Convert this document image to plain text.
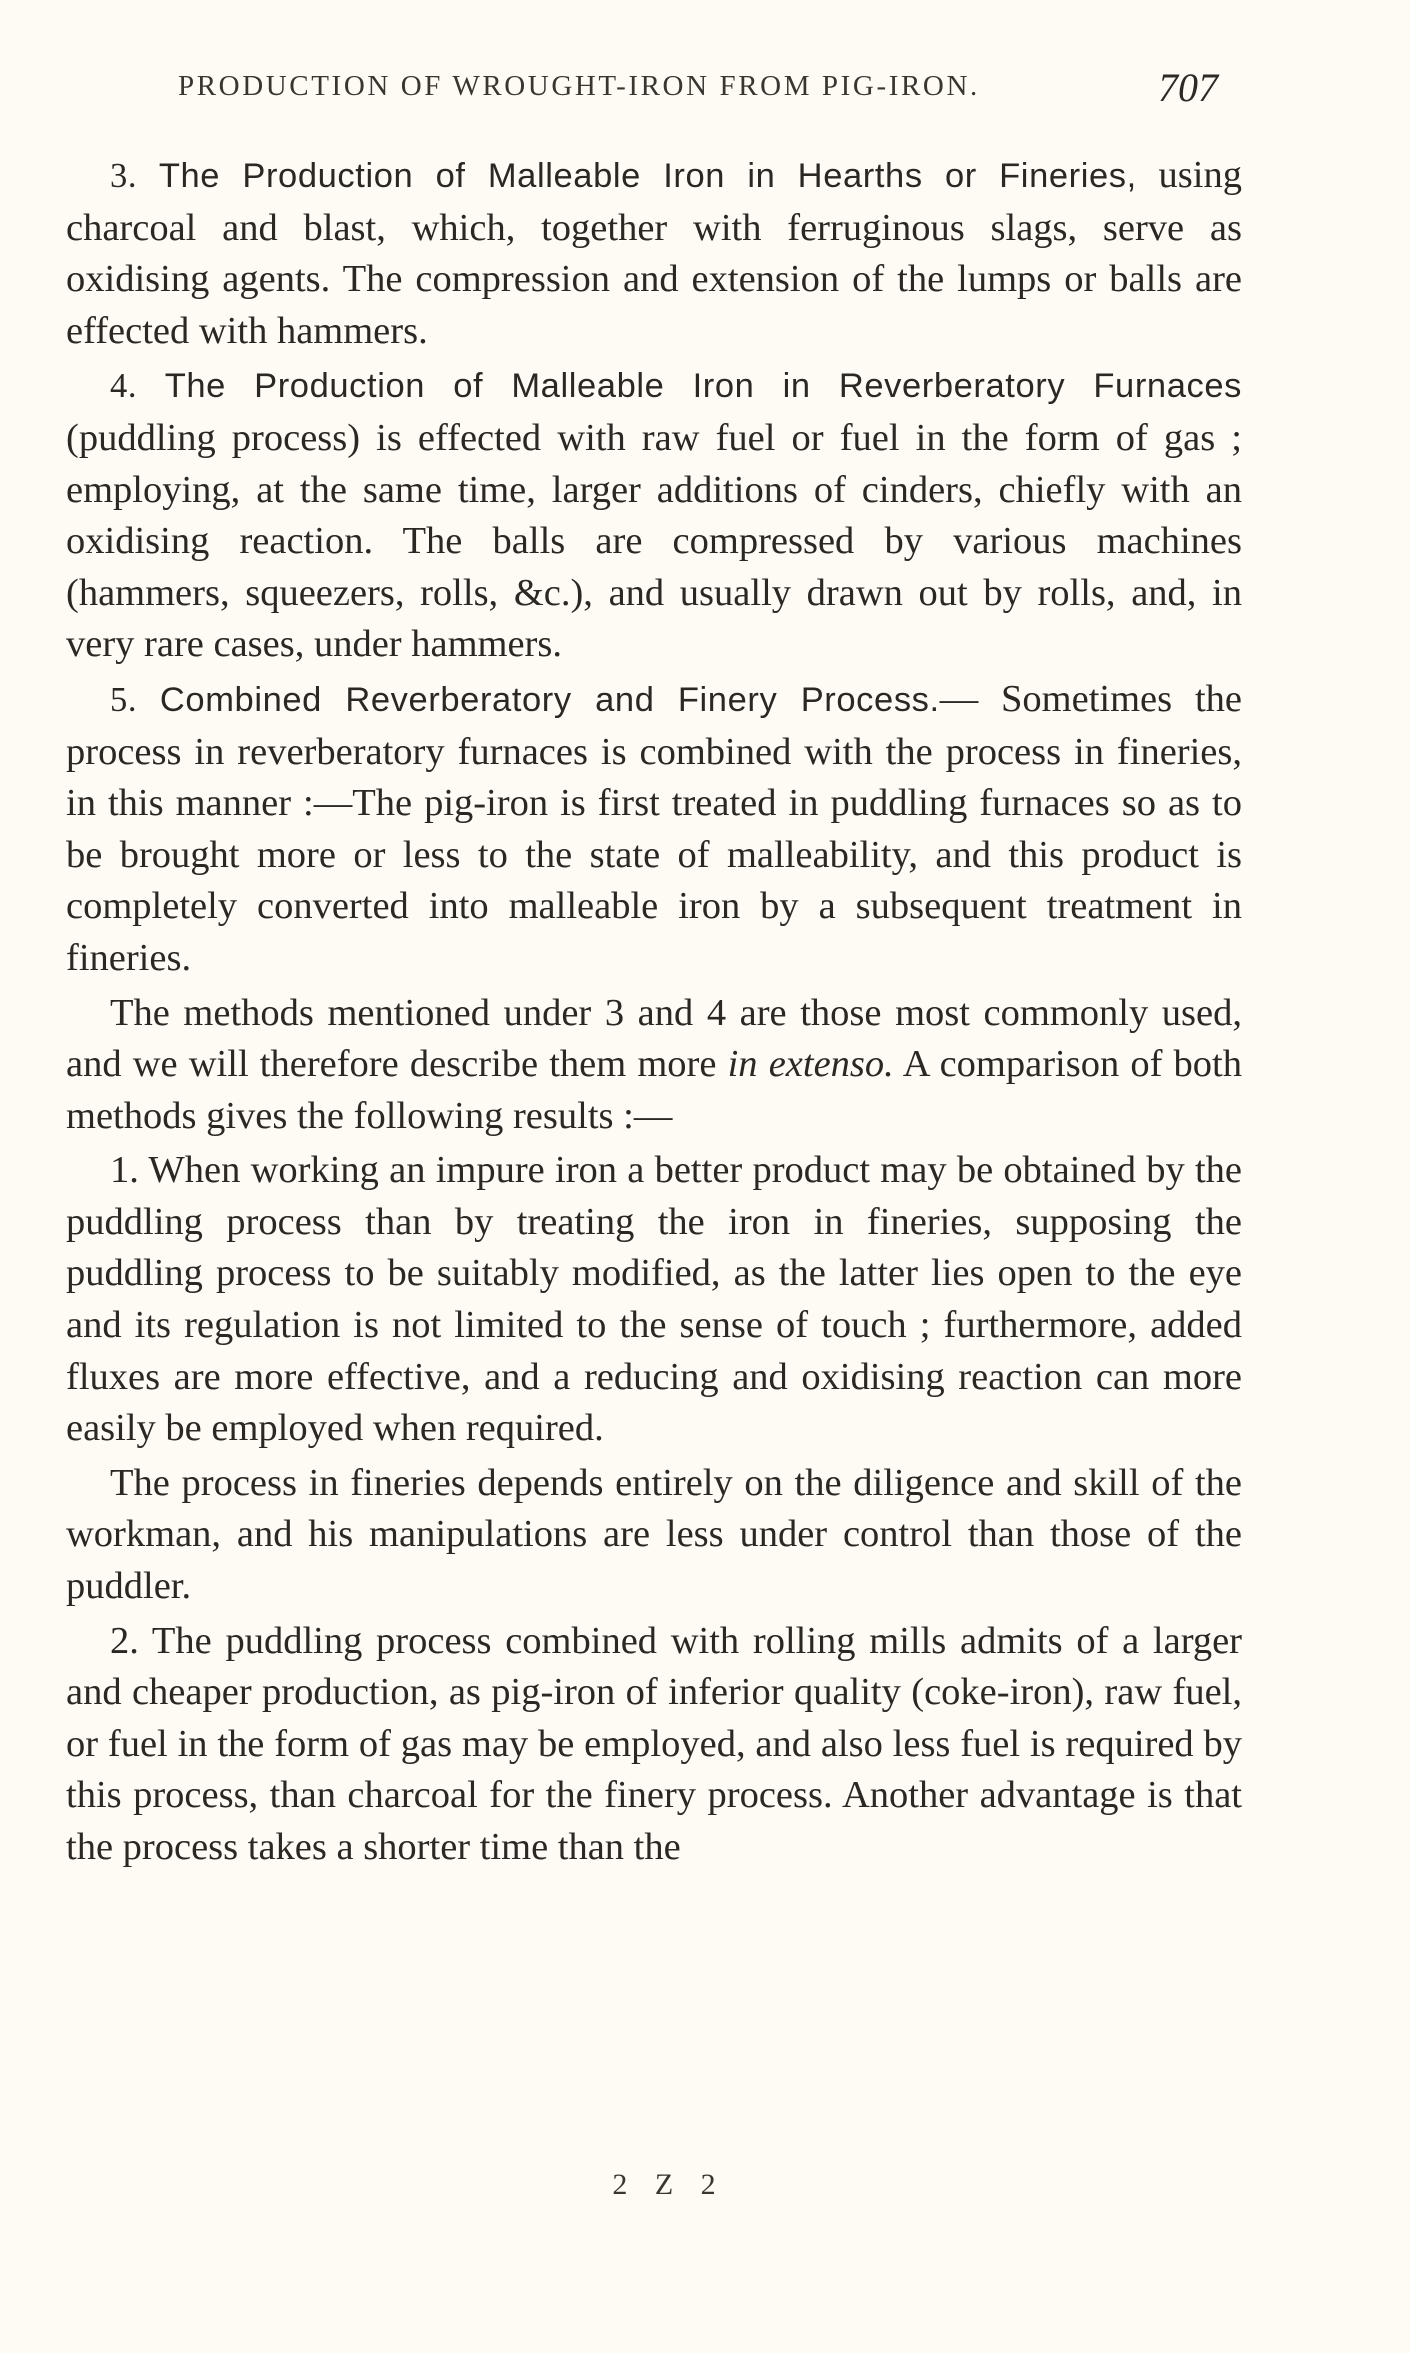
PRODUCTION OF WROUGHT-IRON FROM PIG-IRON.	707

3. The Production of Malleable Iron in Hearths or Fineries, using charcoal and blast, which, together with ferruginous slags, serve as oxidising agents. The compression and extension of the lumps or balls are effected with hammers.

4. The Production of Malleable Iron in Reverberatory Furnaces (puddling process) is effected with raw fuel or fuel in the form of gas ; employing, at the same time, larger additions of cinders, chiefly with an oxidising reaction. The balls are compressed by various machines (hammers, squeezers, rolls, &c.), and usually drawn out by rolls, and, in very rare cases, under hammers.

5. Combined Reverberatory and Finery Process.— Sometimes the process in reverberatory furnaces is combined with the process in fineries, in this manner :—The pig-iron is first treated in puddling furnaces so as to be brought more or less to the state of malleability, and this product is completely converted into malleable iron by a subsequent treatment in fineries.

The methods mentioned under 3 and 4 are those most commonly used, and we will therefore describe them more in extenso. A comparison of both methods gives the following results :—

1. When working an impure iron a better product may be obtained by the puddling process than by treating the iron in fineries, supposing the puddling process to be suitably modified, as the latter lies open to the eye and its regulation is not limited to the sense of touch ; furthermore, added fluxes are more effective, and a reducing and oxidising reaction can more easily be employed when required.

The process in fineries depends entirely on the diligence and skill of the workman, and his manipulations are less under control than those of the puddler.

2. The puddling process combined with rolling mills admits of a larger and cheaper production, as pig-iron of inferior quality (coke-iron), raw fuel, or fuel in the form of gas may be employed, and also less fuel is required by this process, than charcoal for the finery process. Another advantage is that the process takes a shorter time than the

2 Z 2
